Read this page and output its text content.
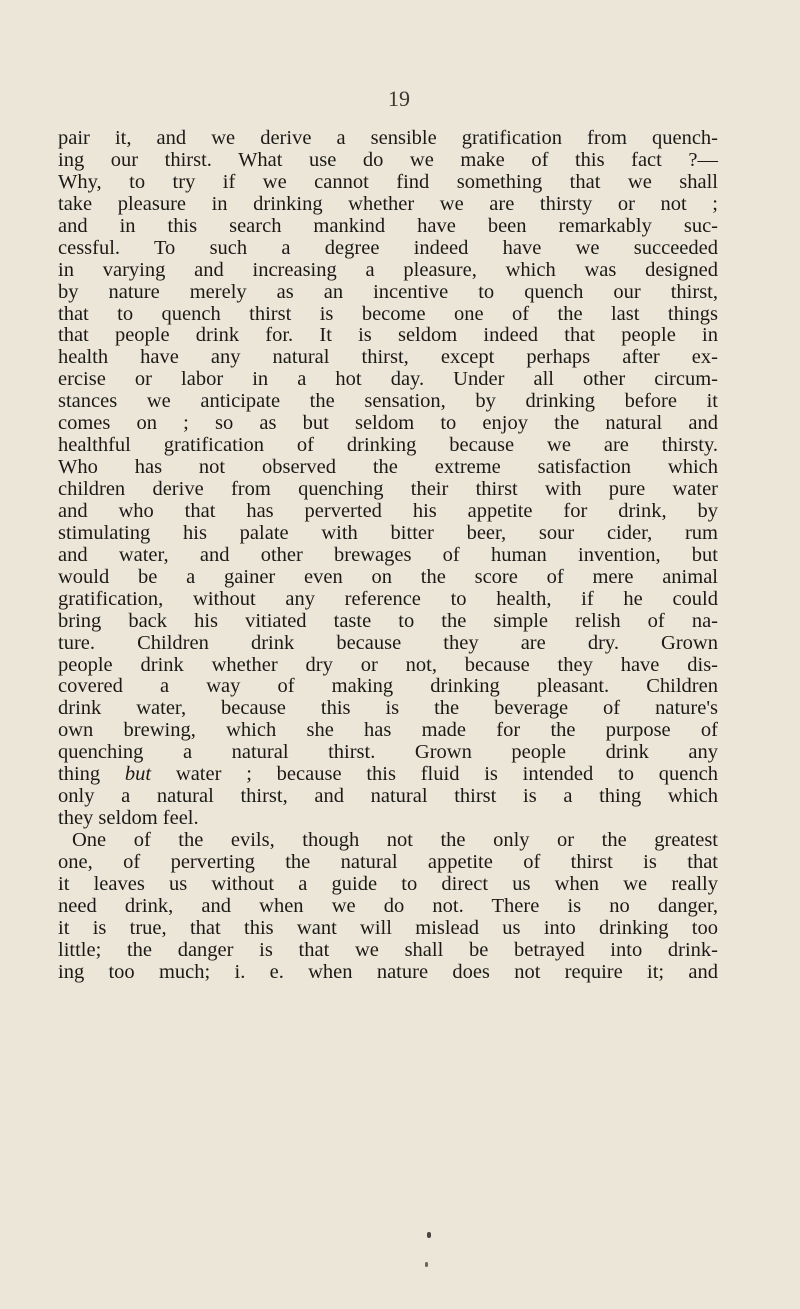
19
pair it, and we derive a sensible gratification from quench-
ing our thirst. What use do we make of this fact ?—
Why, to try if we cannot find something that we shall
take pleasure in drinking whether we are thirsty or not ;
and in this search mankind have been remarkably suc-
cessful. To such a degree indeed have we succeeded
in varying and increasing a pleasure, which was designed
by nature merely as an incentive to quench our thirst,
that to quench thirst is become one of the last things
that people drink for. It is seldom indeed that people in
health have any natural thirst, except perhaps after ex-
ercise or labor in a hot day. Under all other circum-
stances we anticipate the sensation, by drinking before it
comes on ; so as but seldom to enjoy the natural and
healthful gratification of drinking because we are thirsty.
Who has not observed the extreme satisfaction which
children derive from quenching their thirst with pure water
and who that has perverted his appetite for drink, by
stimulating his palate with bitter beer, sour cider, rum
and water, and other brewages of human invention, but
would be a gainer even on the score of mere animal
gratification, without any reference to health, if he could
bring back his vitiated taste to the simple relish of na-
ture. Children drink because they are dry. Grown
people drink whether dry or not, because they have dis-
covered a way of making drinking pleasant. Children
drink water, because this is the beverage of nature's
own brewing, which she has made for the purpose of
quenching a natural thirst. Grown people drink any
thing but water ; because this fluid is intended to quench
only a natural thirst, and natural thirst is a thing which
they seldom feel.
One of the evils, though not the only or the greatest
one, of perverting the natural appetite of thirst is that
it leaves us without a guide to direct us when we really
need drink, and when we do not. There is no danger,
it is true, that this want will mislead us into drinking too
little; the danger is that we shall be betrayed into drink-
ing too much; i. e. when nature does not require it; and
